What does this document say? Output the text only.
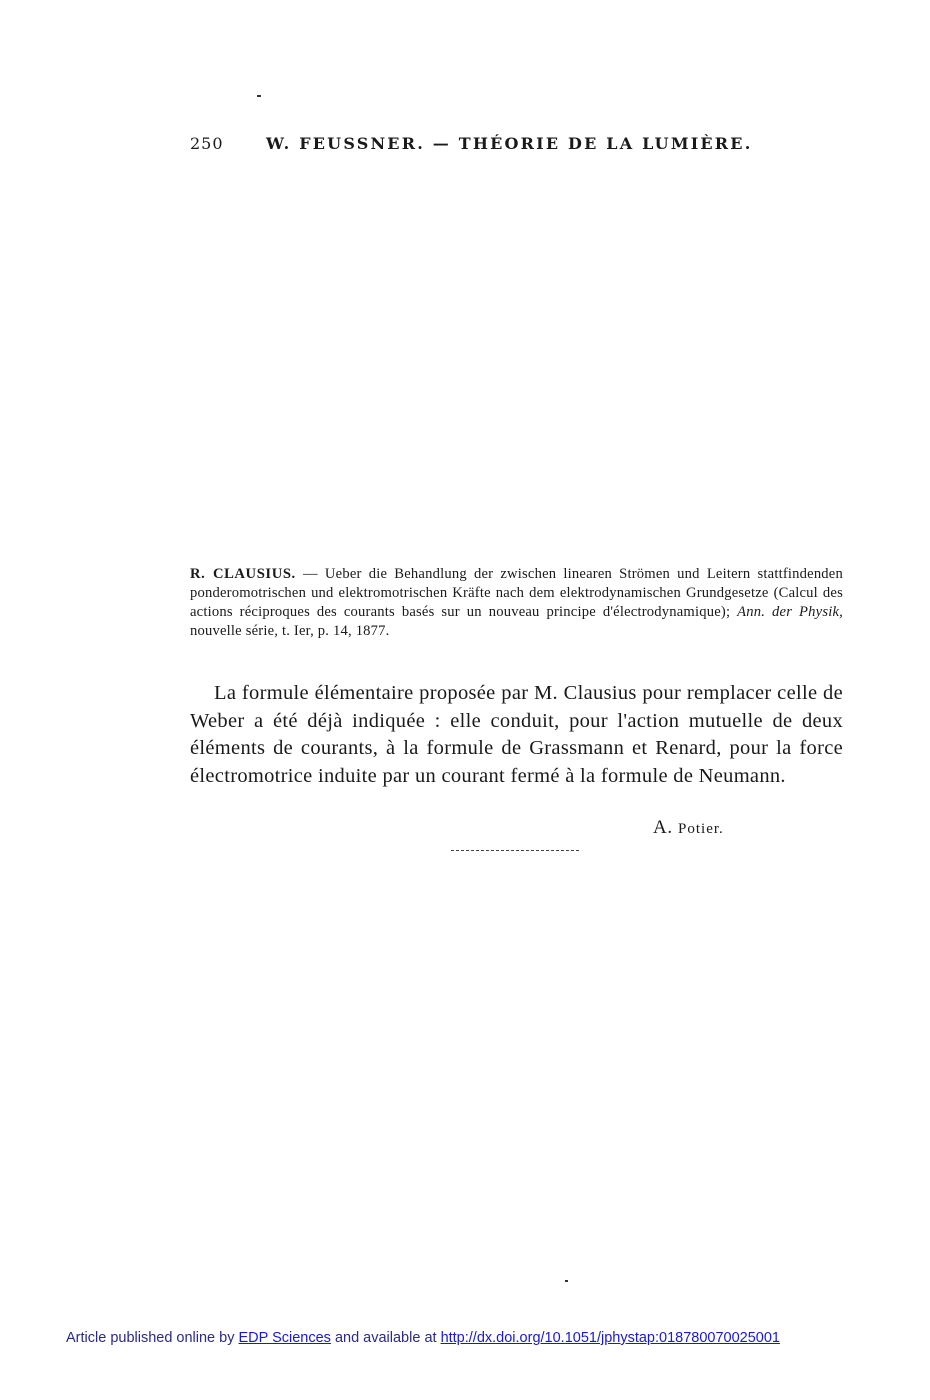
250	W. FEUSSNER. — THÉORIE DE LA LUMIÈRE.
R. CLAUSIUS. — Ueber die Behandlung der zwischen linearen Strömen und Leitern stattfindenden ponderomotrischen und elektromotrischen Kräfte nach dem elektrodynamischen Grundgesetze (Calcul des actions réciproques des courants basés sur un nouveau principe d'électrodynamique); Ann. der Physik, nouvelle série, t. Ier, p. 14, 1877.

La formule élémentaire proposée par M. Clausius pour remplacer celle de Weber a été déjà indiquée : elle conduit, pour l'action mutuelle de deux éléments de courants, à la formule de Grassmann et Renard, pour la force électromotrice induite par un courant fermé à la formule de Neumann.

A. Potier.
Article published online by EDP Sciences and available at http://dx.doi.org/10.1051/jphystap:018780070025001
